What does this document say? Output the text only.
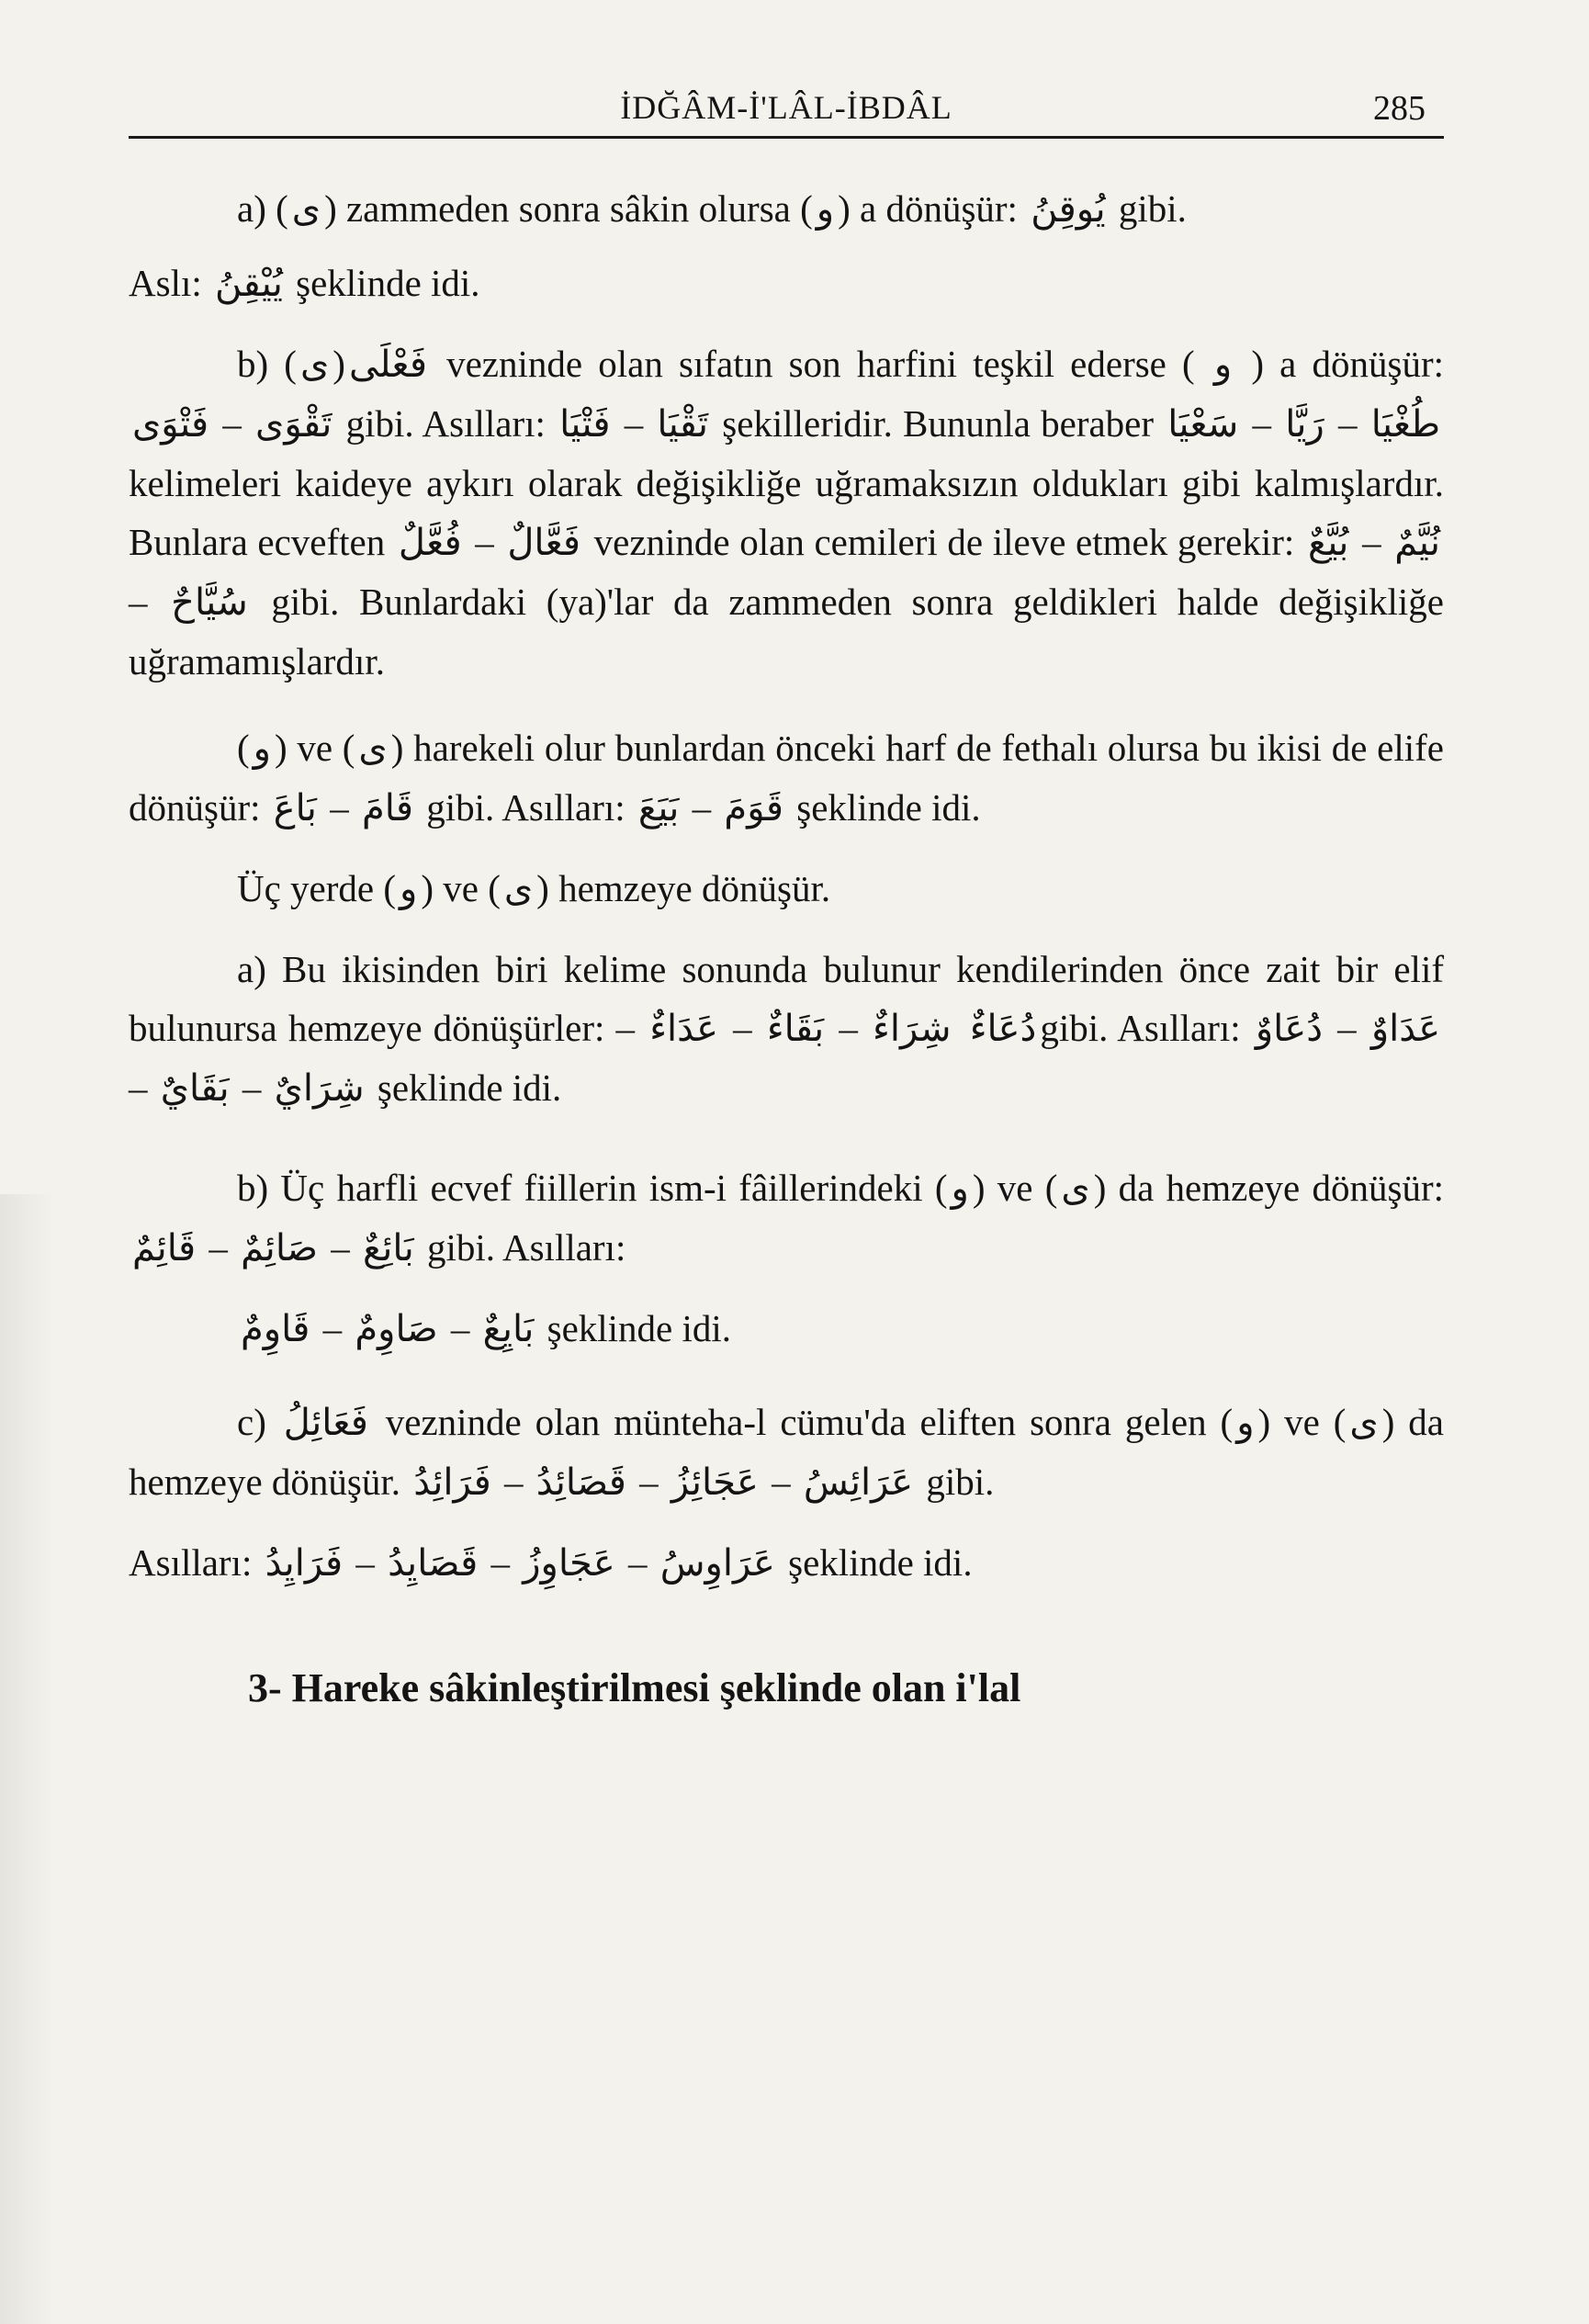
İDĞÂM-İ'LÂL-İBDÂL	285

a) ( ى) zammeden sonra sâkin olursa ( و) a dönüşür: يُوقِنُ gibi.

Aslı: يُيْقِنُ şeklinde idi.

b) ( ى) فَعْلَى vezninde olan sıfatın son harfini teşkil ederse ( و ) a dönüşür: فَتْوَى – تَقْوَى gibi. Asılları: فَتْيَا – تَقْيَا şekilleridir. Bununla beraber سَعْيَا – رَيَّا – طُغْيَا kelimeleri kaideye aykırı olarak değişikliğe uğramaksızın oldukları gibi kalmışlardır. Bunlara ecveften فُعَّلٌ – فَعَّالٌ vezninde olan cemileri de ileve etmek gerekir: بُيَّعٌ – نُيَّمٌ – سُيَّاحٌ gibi. Bunlardaki (ya)'lar da zammeden sonra geldikleri halde değişikliğe uğramamışlardır.

( و) ve ( ى) harekeli olur bunlardan önceki harf de fethalı olursa bu ikisi de elife dönüşür: بَاعَ – قَامَ gibi. Asılları: بَيَعَ – قَوَمَ şeklinde idi.

Üç yerde ( و) ve ( ى) hemzeye dönüşür.

a) Bu ikisinden biri kelime sonunda bulunur kendilerinden önce zait bir elif bulunursa hemzeye dönüşürler: – عَدَاءٌ – بَقَاءٌ – شِرَاءٌ دُعَاءٌgibi. Asılları: دُعَاوٌ – عَدَاوٌ – بَقَايٌ – شِرَايٌ şeklinde idi.

b) Üç harfli ecvef fiillerin ism-i fâillerindeki ( و) ve ( ى) da hemzeye dönüşür: قَائِمٌ – صَائِمٌ – بَائِعٌ gibi. Asılları:

قَاوِمٌ – صَاوِمٌ – بَايِعٌ şeklinde idi.

c) فَعَائِلُ vezninde olan münteha-l cümu'da eliften sonra gelen ( و) ve ( ى) da hemzeye dönüşür. فَرَائِدُ – قَصَائِدُ – عَجَائِزُ – عَرَائِسُ gibi.

Asılları: فَرَايِدُ – قَصَايِدُ – عَجَاوِزُ – عَرَاوِسُ şeklinde idi.

3- Hareke sâkinleştirilmesi şeklinde olan i'lal
